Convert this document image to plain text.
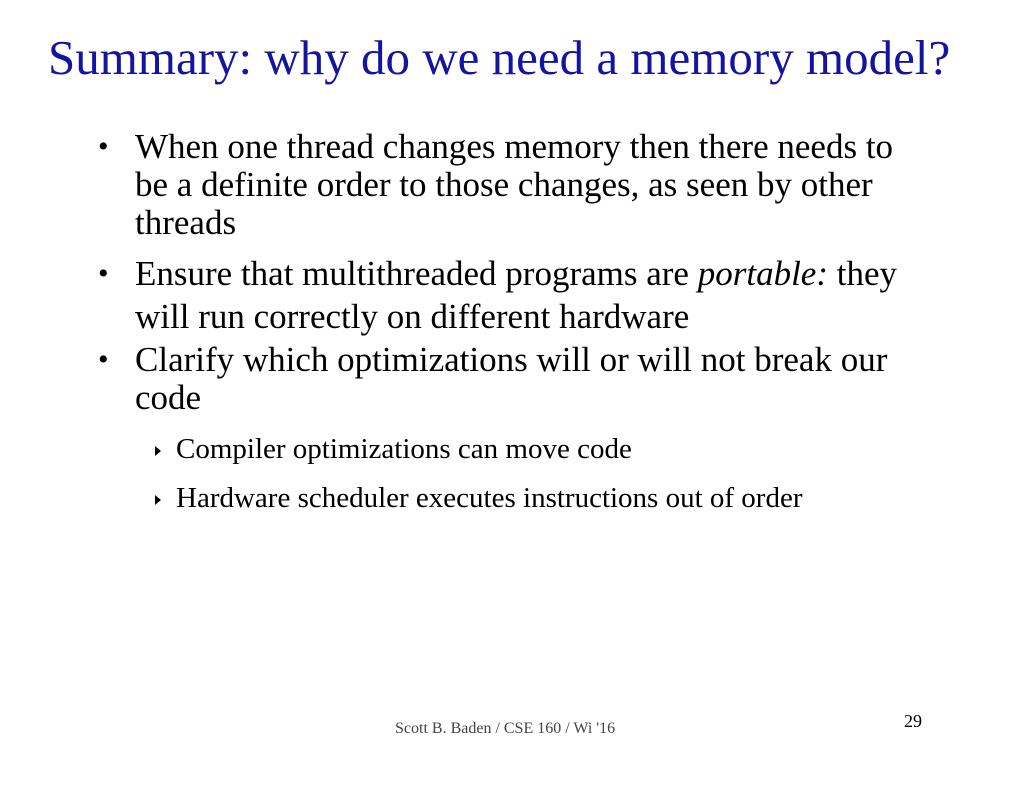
Summary: why do we need a memory model?
• When one thread changes memory then there needs to be a definite order to those changes, as seen by other threads
• Ensure that multithreaded programs are portable: they will run correctly on different hardware
• Clarify which optimizations will or will not break our code
Compiler optimizations can move code
Hardware scheduler executes instructions out of order
Scott B. Baden / CSE 160 / Wi '16	29
